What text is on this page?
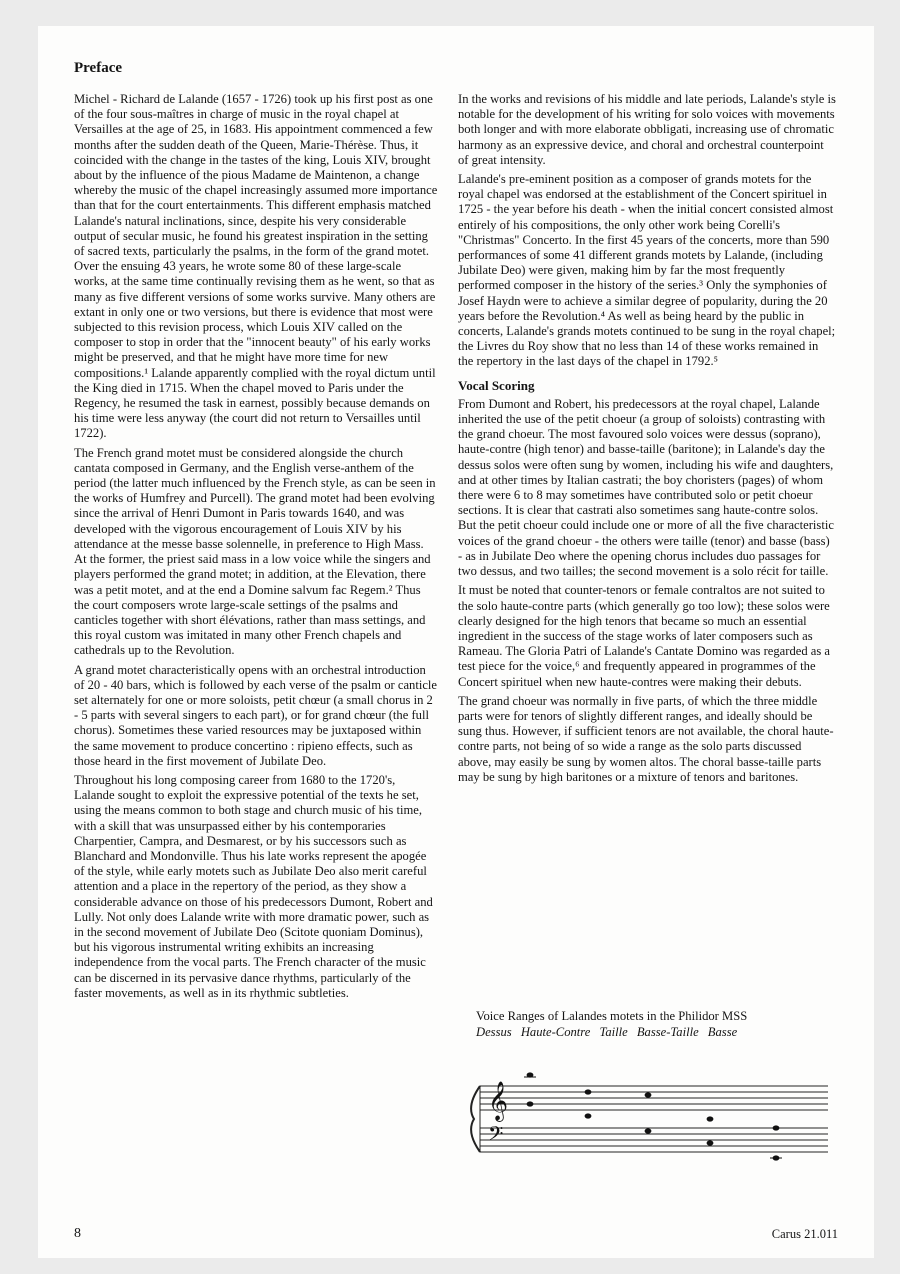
Preface

Michel - Richard de Lalande (1657 - 1726) took up his first post as one of the four sous-maîtres in charge of music in the royal chapel at Versailles at the age of 25, in 1683. His appointment commenced a few months after the sudden death of the Queen, Marie-Thérèse. Thus, it coincided with the change in the tastes of the king, Louis XIV, brought about by the influence of the pious Madame de Maintenon, a change whereby the music of the chapel increasingly assumed more importance than that for the court entertainments. This different emphasis matched Lalande's natural inclinations, since, despite his very considerable output of secular music, he found his greatest inspiration in the setting of sacred texts, particularly the psalms, in the form of the grand motet. Over the ensuing 43 years, he wrote some 80 of these large-scale works, at the same time continually revising them as he went, so that as many as five different versions of some works survive. Many others are extant in only one or two versions, but there is evidence that most were subjected to this revision process, which Louis XIV called on the composer to stop in order that the "innocent beauty" of his early works might be preserved, and that he might have more time for new compositions.¹ Lalande apparently complied with the royal dictum until the King died in 1715. When the chapel moved to Paris under the Regency, he resumed the task in earnest, possibly because demands on his time were less anyway (the court did not return to Versailles until 1722).

The French grand motet must be considered alongside the church cantata composed in Germany, and the English verse-anthem of the period (the latter much influenced by the French style, as can be seen in the works of Humfrey and Purcell). The grand motet had been evolving since the arrival of Henri Dumont in Paris towards 1640, and was developed with the vigorous encouragement of Louis XIV by his attendance at the messe basse solennelle, in preference to High Mass. At the former, the priest said mass in a low voice while the singers and players performed the grand motet; in addition, at the Elevation, there was a petit motet, and at the end a Domine salvum fac Regem.² Thus the court composers wrote large-scale settings of the psalms and canticles together with short élévations, rather than mass settings, and this royal custom was imitated in many other French chapels and cathedrals up to the Revolution.

A grand motet characteristically opens with an orchestral introduction of 20 - 40 bars, which is followed by each verse of the psalm or canticle set alternately for one or more soloists, petit chœur (a small chorus in 2 - 5 parts with several singers to each part), or for grand chœur (the full chorus). Sometimes these varied resources may be juxtaposed within the same movement to produce concertino : ripieno effects, such as those heard in the first movement of Jubilate Deo.

Throughout his long composing career from 1680 to the 1720's, Lalande sought to exploit the expressive potential of the texts he set, using the means common to both stage and church music of his time, with a skill that was unsurpassed either by his contemporaries Charpentier, Campra, and Desmarest, or by his successors such as Blanchard and Mondonville. Thus his late works represent the apogée of the style, while early motets such as Jubilate Deo also merit careful attention and a place in the repertory of the period, as they show a considerable advance on those of his predecessors Dumont, Robert and Lully. Not only does Lalande write with more dramatic power, such as in the second movement of Jubilate Deo (Scitote quoniam Dominus), but his vigorous instrumental writing exhibits an increasing independence from the vocal parts. The French character of the music can be discerned in its pervasive dance rhythms, particularly of the faster movements, as well as in its rhythmic subtleties.

In the works and revisions of his middle and late periods, Lalande's style is notable for the development of his writing for solo voices with movements both longer and with more elaborate obbligati, increasing use of chromatic harmony as an expressive device, and choral and orchestral counterpoint of great intensity.

Lalande's pre-eminent position as a composer of grands motets for the royal chapel was endorsed at the establishment of the Concert spirituel in 1725 - the year before his death - when the initial concert consisted almost entirely of his compositions, the only other work being Corelli's "Christmas" Concerto. In the first 45 years of the concerts, more than 590 performances of some 41 different grands motets by Lalande, (including Jubilate Deo) were given, making him by far the most frequently performed composer in the history of the series.³ Only the symphonies of Josef Haydn were to achieve a similar degree of popularity, during the 20 years before the Revolution.⁴ As well as being heard by the public in concerts, Lalande's grands motets continued to be sung in the royal chapel; the Livres du Roy show that no less than 14 of these works remained in the repertory in the last days of the chapel in 1792.⁵

Vocal Scoring

From Dumont and Robert, his predecessors at the royal chapel, Lalande inherited the use of the petit choeur (a group of soloists) contrasting with the grand choeur. The most favoured solo voices were dessus (soprano), haute-contre (high tenor) and basse-taille (baritone); in Lalande's day the dessus solos were often sung by women, including his wife and daughters, and at other times by Italian castrati; the boy choristers (pages) of whom there were 6 to 8 may sometimes have contributed solo or petit choeur sections. It is clear that castrati also sometimes sang haute-contre solos. But the petit choeur could include one or more of all the five characteristic voices of the grand choeur - the others were taille (tenor) and basse (bass) - as in Jubilate Deo where the opening chorus includes duo passages for two dessus, and two tailles; the second movement is a solo récit for taille.

It must be noted that counter-tenors or female contraltos are not suited to the solo haute-contre parts (which generally go too low); these solos were clearly designed for the high tenors that became so much an essential ingredient in the success of the stage works of later composers such as Rameau. The Gloria Patri of Lalande's Cantate Domino was regarded as a test piece for the voice,⁶ and frequently appeared in programmes of the Concert spirituel when new haute-contres were making their debuts.

The grand choeur was normally in five parts, of which the three middle parts were for tenors of slightly different ranges, and ideally should be sung thus. However, if sufficient tenors are not available, the choral haute-contre parts, not being of so wide a range as the solo parts discussed above, may easily be sung by women altos. The choral basse-taille parts may be sung by high baritones or a mixture of tenors and baritones.

Voice Ranges of Lalandes motets in the Philidor MSS
Dessus Haute-Contre Taille Basse-Taille Basse
𝄞
𝄢
8	Carus 21.011
